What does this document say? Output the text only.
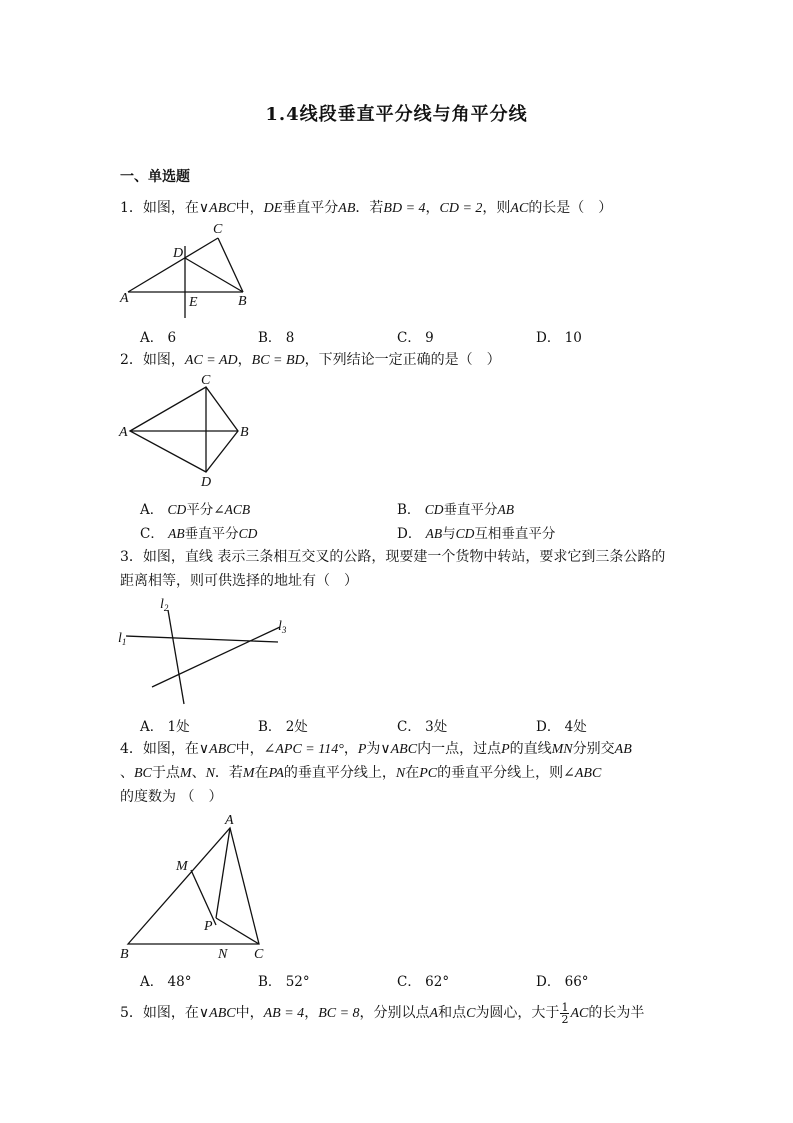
1.4线段垂直平分线与角平分线
一、单选题
1．如图，在∨ABC中，DE垂直平分AB．若BD = 4，CD = 2，则AC的长是（　）
A	B
C
D
E
A． 6	B． 8	C． 9	D． 10
2．如图，AC = AD，BC = BD，下列结论一定正确的是（　）
A	B
C
D
A． CD平分∠ACB	B． CD垂直平分AB
C． AB垂直平分CD	D． AB与CD互相垂直平分
3．如图，直线 表示三条相互交叉的公路，现要建一个货物中转站，要求它到三条公路的距离相等，则可供选择的地址有（　）
$l_1$
$l_2$
$l_3$
A． 1处	B． 2处	C． 3处	D． 4处
4．如图，在∨ABC中，∠APC = 114°，P为∨ABC内一点，过点P的直线MN分别交AB
、BC于点M、N．若M在PA的垂直平分线上，N在PC的垂直平分线上，则∠ABC
的度数为 （　）
A
B	C
M
N
P
A． 48°	B． 52°	C． 62°	D． 66°
5．如图，在∨ABC中，AB = 4，BC = 8，分别以点A和点C为圆心，大于 $\frac{1}{2}$ AC的长为半
